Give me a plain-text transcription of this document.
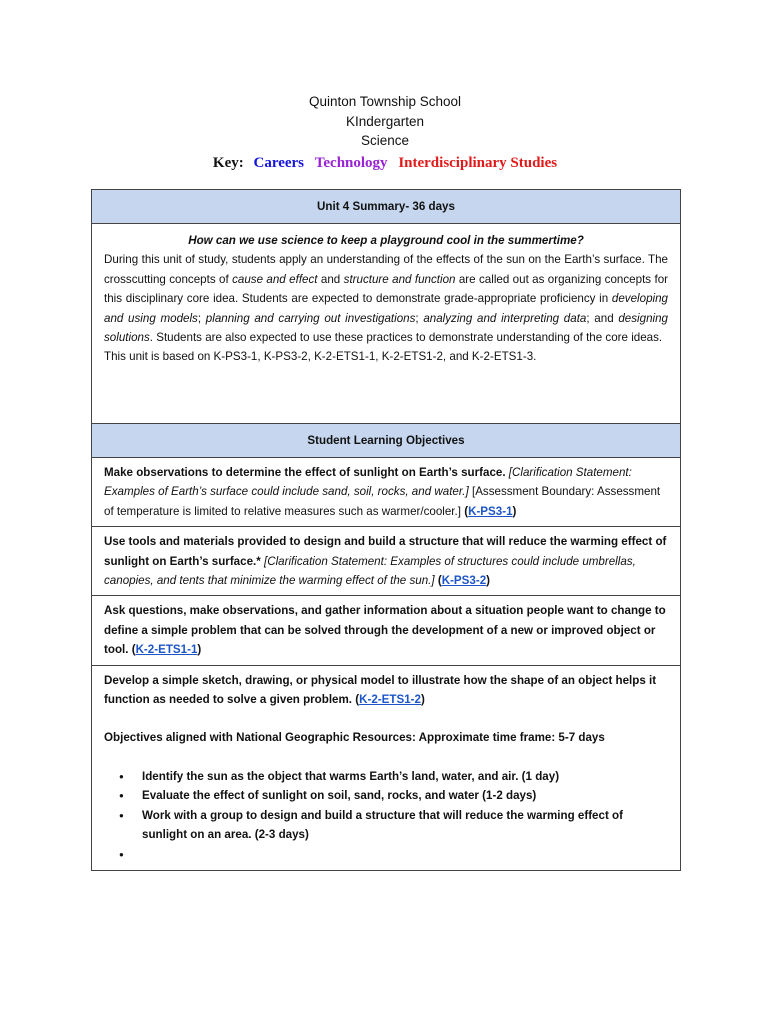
Quinton Township School
KIndergarten
Science
Key: Careers Technology Interdisciplinary Studies
Unit 4 Summary- 36 days

How can we use science to keep a playground cool in the summertime?
During this unit of study, students apply an understanding of the effects of the sun on the Earth’s surface. The crosscutting concepts of cause and effect and structure and function are called out as organizing concepts for this disciplinary core idea. Students are expected to demonstrate grade-appropriate proficiency in developing and using models; planning and carrying out investigations; analyzing and interpreting data; and designing solutions. Students are also expected to use these practices to demonstrate understanding of the core ideas.
This unit is based on K-PS3-1, K-PS3-2, K-2-ETS1-1, K-2-ETS1-2, and K-2-ETS1-3.

Student Learning Objectives
Make observations to determine the effect of sunlight on Earth’s surface. [Clarification Statement: Examples of Earth’s surface could include sand, soil, rocks, and water.] [Assessment Boundary: Assessment of temperature is limited to relative measures such as warmer/cooler.] (K-PS3-1)
Use tools and materials provided to design and build a structure that will reduce the warming effect of sunlight on Earth’s surface.* [Clarification Statement: Examples of structures could include umbrellas, canopies, and tents that minimize the warming effect of the sun.] (K-PS3-2)
Ask questions, make observations, and gather information about a situation people want to change to define a simple problem that can be solved through the development of a new or improved object or tool. (K-2-ETS1-1)

Develop a simple sketch, drawing, or physical model to illustrate how the shape of an object helps it function as needed to solve a given problem. (K-2-ETS1-2)
Objectives aligned with National Geographic Resources: Approximate time frame: 5-7 days
● Identify the sun as the object that warms Earth’s land, water, and air. (1 day)
● Evaluate the effect of sunlight on soil, sand, rocks, and water (1-2 days)
● Work with a group to design and build a structure that will reduce the warming effect of sunlight on an area. (2-3 days)
●
